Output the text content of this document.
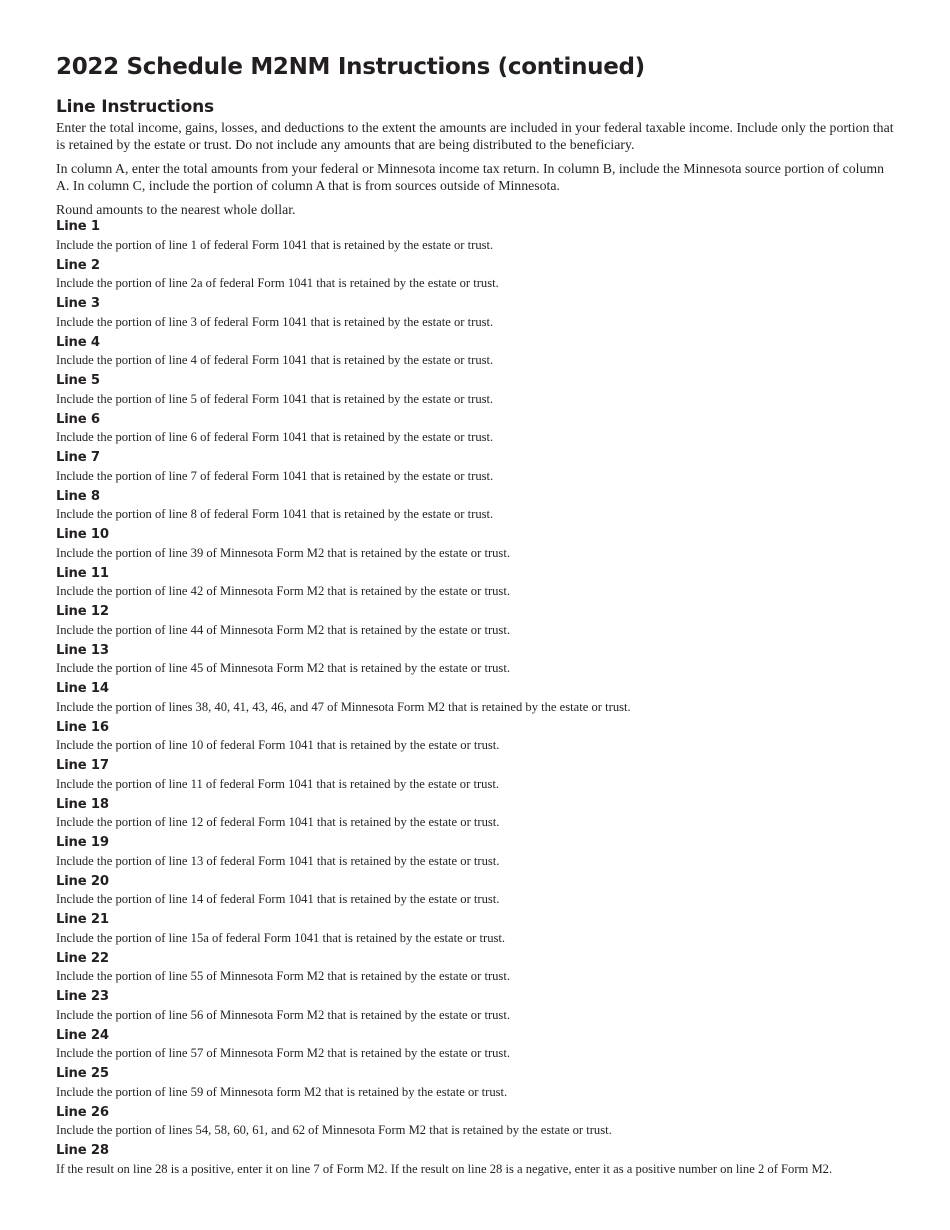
2022 Schedule M2NM Instructions (continued)
Line Instructions

Enter the total income, gains, losses, and deductions to the extent the amounts are included in your federal taxable income. Include only the portion that is retained by the estate or trust. Do not include any amounts that are being distributed to the beneficiary.

In column A, enter the total amounts from your federal or Minnesota income tax return. In column B, include the Minnesota source portion of column A. In column C, include the portion of column A that is from sources outside of Minnesota.

Round amounts to the nearest whole dollar.

Line 1
Include the portion of line 1 of federal Form 1041 that is retained by the estate or trust.
Line 2
Include the portion of line 2a of federal Form 1041 that is retained by the estate or trust.
Line 3
Include the portion of line 3 of federal Form 1041 that is retained by the estate or trust.
Line 4
Include the portion of line 4 of federal Form 1041 that is retained by the estate or trust.
Line 5
Include the portion of line 5 of federal Form 1041 that is retained by the estate or trust.
Line 6
Include the portion of line 6 of federal Form 1041 that is retained by the estate or trust.
Line 7
Include the portion of line 7 of federal Form 1041 that is retained by the estate or trust.
Line 8
Include the portion of line 8 of federal Form 1041 that is retained by the estate or trust.
Line 10
Include the portion of line 39 of Minnesota Form M2 that is retained by the estate or trust.
Line 11
Include the portion of line 42 of Minnesota Form M2 that is retained by the estate or trust.
Line 12
Include the portion of line 44 of Minnesota Form M2 that is retained by the estate or trust.
Line 13
Include the portion of line 45 of Minnesota Form M2 that is retained by the estate or trust.
Line 14
Include the portion of lines 38, 40, 41, 43, 46, and 47 of Minnesota Form M2 that is retained by the estate or trust.
Line 16
Include the portion of line 10 of federal Form 1041 that is retained by the estate or trust.
Line 17
Include the portion of line 11 of federal Form 1041 that is retained by the estate or trust.
Line 18
Include the portion of line 12 of federal Form 1041 that is retained by the estate or trust.
Line 19
Include the portion of line 13 of federal Form 1041 that is retained by the estate or trust.
Line 20
Include the portion of line 14 of federal Form 1041 that is retained by the estate or trust.
Line 21
Include the portion of line 15a of federal Form 1041 that is retained by the estate or trust.
Line 22
Include the portion of line 55 of Minnesota Form M2 that is retained by the estate or trust.
Line 23
Include the portion of line 56 of Minnesota Form M2 that is retained by the estate or trust.
Line 24
Include the portion of line 57 of Minnesota Form M2 that is retained by the estate or trust.
Line 25
Include the portion of line 59 of Minnesota form M2 that is retained by the estate or trust.
Line 26
Include the portion of lines 54, 58, 60, 61, and 62 of Minnesota Form M2 that is retained by the estate or trust.
Line 28
If the result on line 28 is a positive, enter it on line 7 of Form M2. If the result on line 28 is a negative, enter it as a positive number on line 2 of Form M2.
